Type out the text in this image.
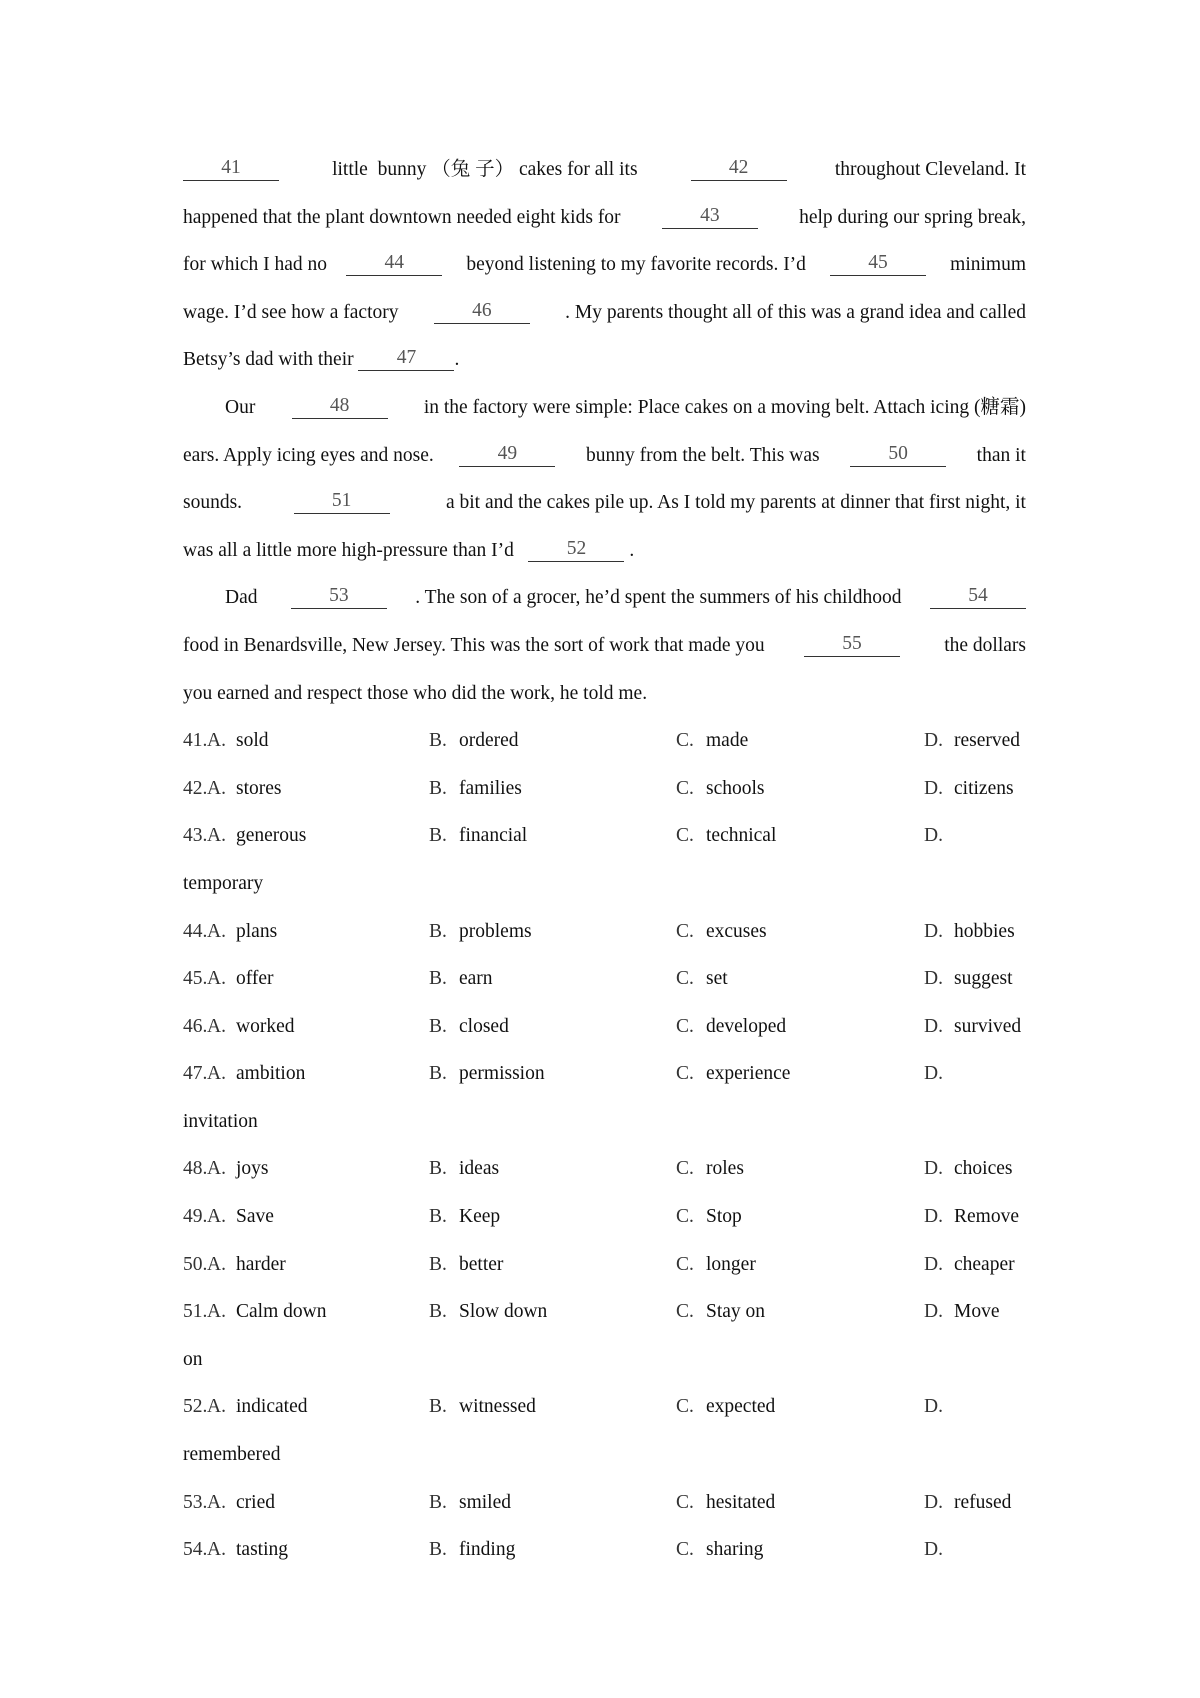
41	little  bunny （兔 子） cakes for all its	42	throughout Cleveland. It
happened that the plant downtown needed eight kids for	43	help during our spring break,
for which I had no	44	beyond listening to my favorite records. I’d	45	minimum
wage. I’d see how a factory	46	. My parents thought all of this was a grand idea and called
Betsy’s dad with their	47	.
Our	48	in the factory were simple: Place cakes on a moving belt. Attach icing (糖霜)
ears. Apply icing eyes and nose.	49	bunny from the belt. This was	50	than it
sounds.	51	a bit and the cakes pile up. As I told my parents at dinner that first night, it
was all a little more high-pressure than I’d	52	.
Dad	53	. The son of a grocer, he’d spent the summers of his childhood	54
food in Benardsville, New Jersey. This was the sort of work that made you	55	the dollars
you earned and respect those who did the work, he told me.
41. A. sold	B. ordered	C. made	D. reserved
42. A. stores	B. families	C. schools	D. citizens
43. A. generous	B. financial	C. technical	D.
temporary
44. A. plans	B. problems	C. excuses	D. hobbies
45. A. offer	B. earn	C. set	D. suggest
46. A. worked	B. closed	C. developed	D. survived
47. A. ambition	B. permission	C. experience	D.
invitation
48. A. joys	B. ideas	C. roles	D. choices
49. A. Save	B. Keep	C. Stop	D. Remove
50. A. harder	B. better	C. longer	D. cheaper
51. A. Calm down	B. Slow down	C. Stay on	D. Move
on
52. A. indicated	B. witnessed	C. expected	D.
remembered
53. A. cried	B. smiled	C. hesitated	D. refused
54. A. tasting	B. finding	C. sharing	D.
